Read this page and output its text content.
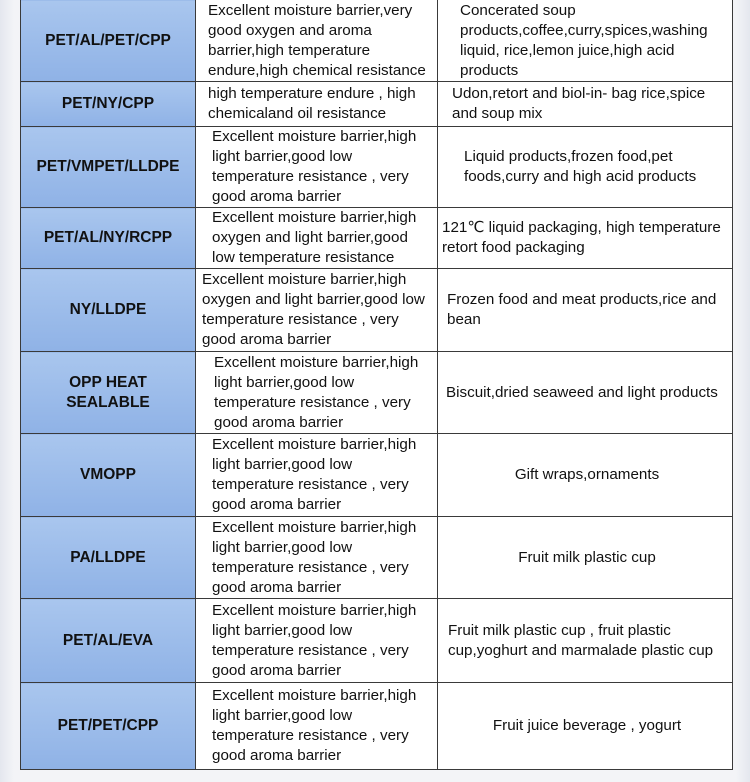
PET/AL/PET/CPP	Excellent moisture barrier,very good oxygen and aroma barrier,high temperature endure,high chemical resistance	Concerated soup products,coffee,curry,spices,washing liquid, rice,lemon juice,high acid products
PET/NY/CPP	high temperature endure , high chemicaland oil resistance	Udon,retort and biol-in- bag rice,spice and soup mix
PET/VMPET/LLDPE	Excellent moisture barrier,high light barrier,good low temperature resistance , very good aroma barrier	Liquid products,frozen food,pet foods,curry and high acid products
PET/AL/NY/RCPP	Excellent moisture barrier,high oxygen and light barrier,good low temperature resistance	121℃ liquid packaging, high temperature retort food packaging
NY/LLDPE	Excellent moisture barrier,high oxygen and light barrier,good low temperature resistance , very good aroma barrier	Frozen food and meat products,rice and bean
OPP HEAT SEALABLE	Excellent moisture barrier,high light barrier,good low temperature resistance , very good aroma barrier	Biscuit,dried seaweed and light products
VMOPP	Excellent moisture barrier,high light barrier,good low temperature resistance , very good aroma barrier	Gift wraps,ornaments
PA/LLDPE	Excellent moisture barrier,high light barrier,good low temperature resistance , very good aroma barrier	Fruit milk plastic cup
PET/AL/EVA	Excellent moisture barrier,high light barrier,good low temperature resistance , very good aroma barrier	Fruit milk plastic cup , fruit plastic cup,yoghurt and marmalade plastic cup
PET/PET/CPP	Excellent moisture barrier,high light barrier,good low temperature resistance , very good aroma barrier	Fruit juice beverage , yogurt
